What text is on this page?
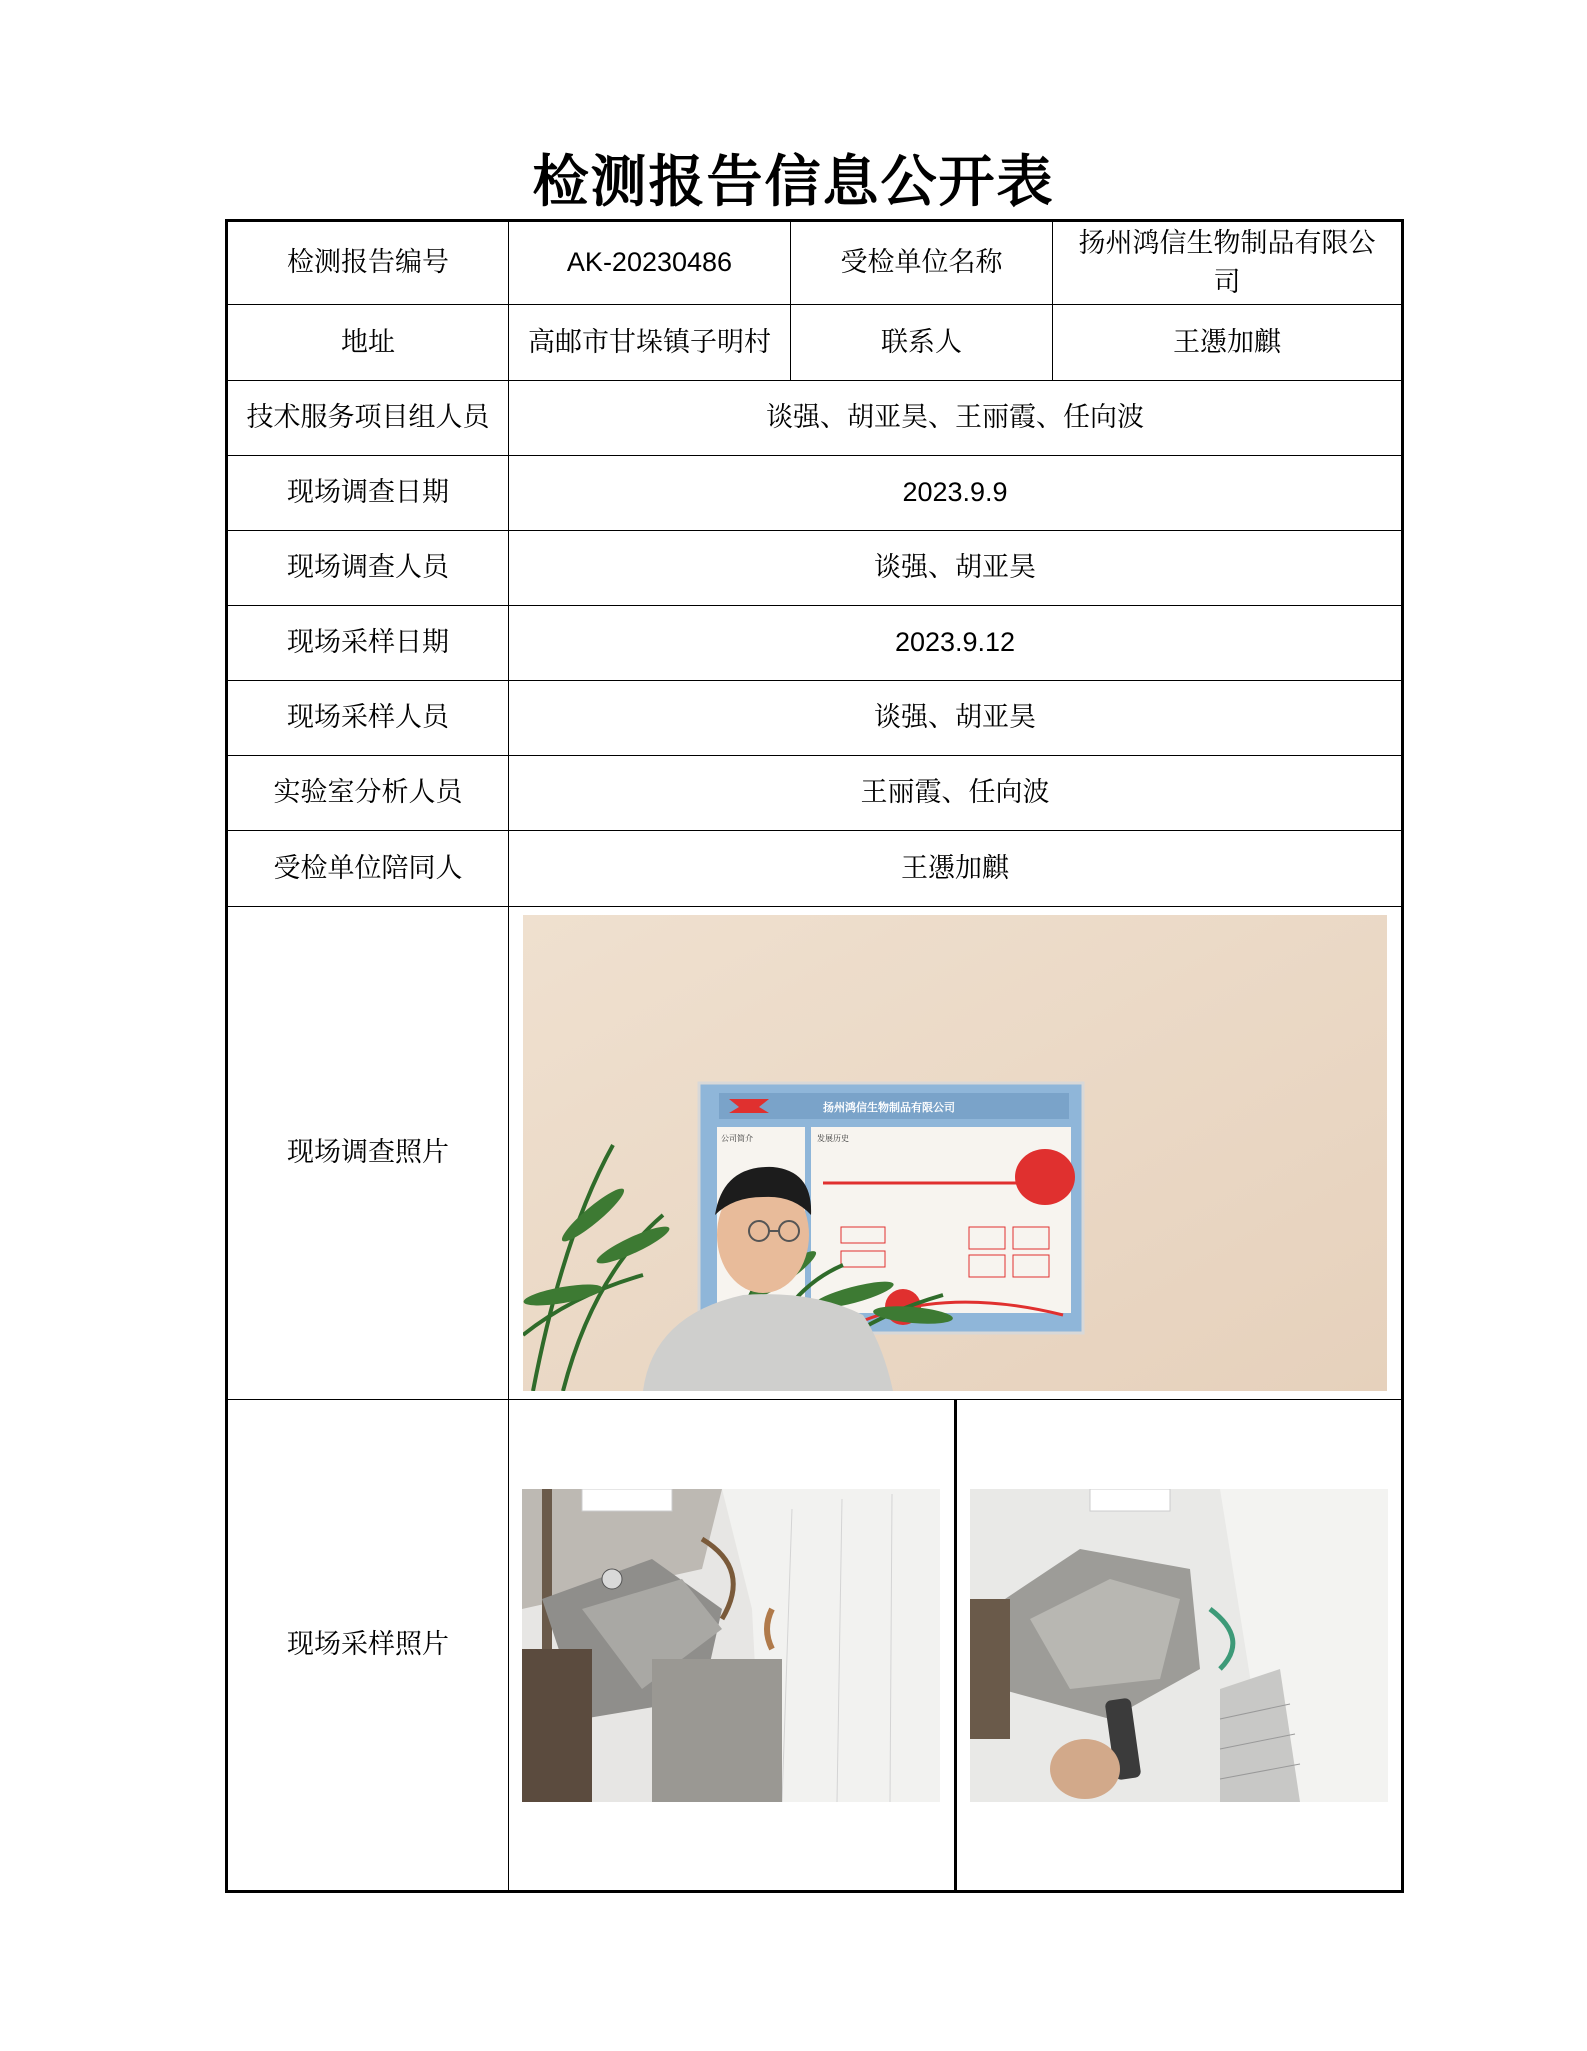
检测报告信息公开表
检测报告编号	AK-20230486	受检单位名称	扬州鸿信生物制品有限公司
地址	高邮市甘垛镇子明村	联系人	王慿加麒
技术服务项目组人员	谈强、胡亚昊、王丽霞、任向波		
现场调查日期	2023.9.9		
现场调查人员	谈强、胡亚昊		
现场采样日期	2023.9.12		
现场采样人员	谈强、胡亚昊		
实验室分析人员	王丽霞、任向波		
受检单位陪同人	王慿加麒		
现场调查照片	扬州鸿信生物制品有限公司
公司简介 发展历史		

现场采样照片	
